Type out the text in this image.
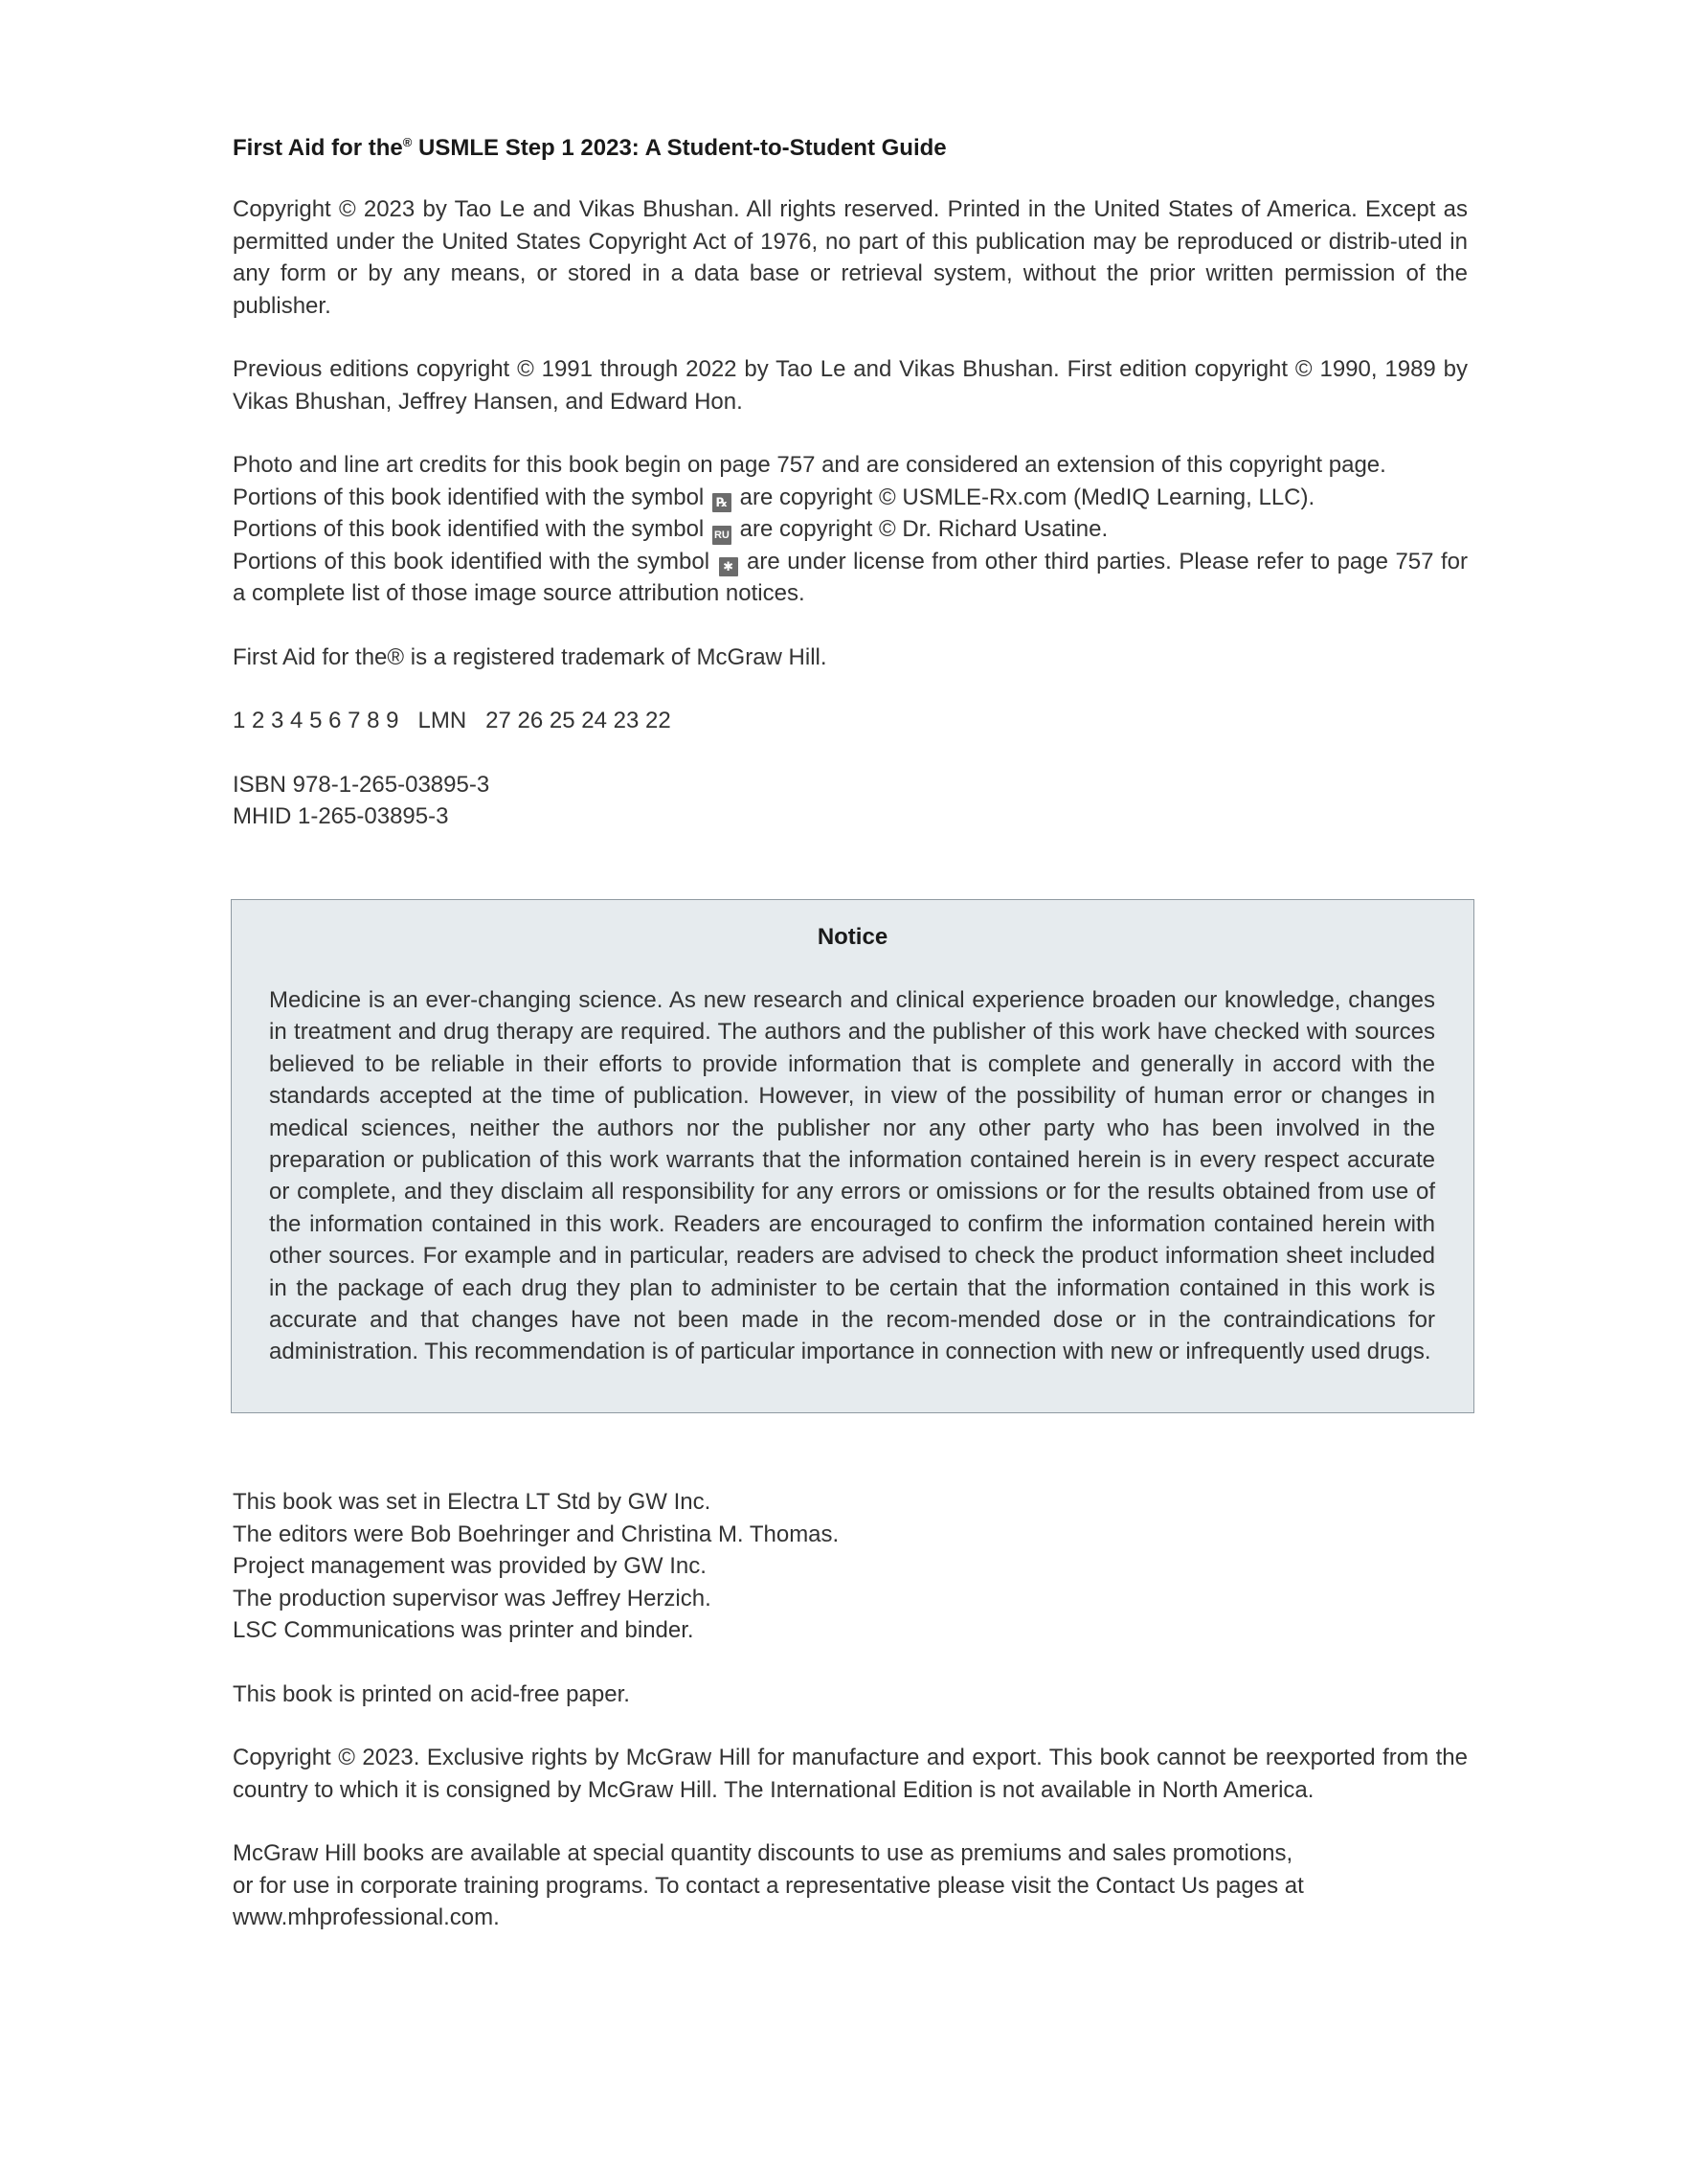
First Aid for the® USMLE Step 1 2023: A Student-to-Student Guide

Copyright © 2023 by Tao Le and Vikas Bhushan. All rights reserved. Printed in the United States of America. Except as permitted under the United States Copyright Act of 1976, no part of this publication may be reproduced or distrib-uted in any form or by any means, or stored in a data base or retrieval system, without the prior written permission of the publisher.

Previous editions copyright © 1991 through 2022 by Tao Le and Vikas Bhushan. First edition copyright © 1990, 1989 by Vikas Bhushan, Jeffrey Hansen, and Edward Hon.

Photo and line art credits for this book begin on page 757 and are considered an extension of this copyright page.
Portions of this book identified with the symbol ℞ are copyright © USMLE-Rx.com (MedIQ Learning, LLC).
Portions of this book identified with the symbol RU are copyright © Dr. Richard Usatine.
Portions of this book identified with the symbol ✱ are under license from other third parties. Please refer to page 757 for a complete list of those image source attribution notices.

First Aid for the® is a registered trademark of McGraw Hill.

1 2 3 4 5 6 7 8 9   LMN   27 26 25 24 23 22

ISBN 978-1-265-03895-3
MHID 1-265-03895-3

Notice
Medicine is an ever-changing science. As new research and clinical experience broaden our knowledge, changes in treatment and drug therapy are required. The authors and the publisher of this work have checked with sources believed to be reliable in their efforts to provide information that is complete and generally in accord with the standards accepted at the time of publication. However, in view of the possibility of human error or changes in medical sciences, neither the authors nor the publisher nor any other party who has been involved in the preparation or publication of this work warrants that the information contained herein is in every respect accurate or complete, and they disclaim all responsibility for any errors or omissions or for the results obtained from use of the information contained in this work. Readers are encouraged to confirm the information contained herein with other sources. For example and in particular, readers are advised to check the product information sheet included in the package of each drug they plan to administer to be certain that the information contained in this work is accurate and that changes have not been made in the recom-mended dose or in the contraindications for administration. This recommendation is of particular importance in connection with new or infrequently used drugs.

This book was set in Electra LT Std by GW Inc.
The editors were Bob Boehringer and Christina M. Thomas.
Project management was provided by GW Inc.
The production supervisor was Jeffrey Herzich.
LSC Communications was printer and binder.

This book is printed on acid-free paper.

Copyright © 2023. Exclusive rights by McGraw Hill for manufacture and export. This book cannot be reexported from the country to which it is consigned by McGraw Hill. The International Edition is not available in North America.

McGraw Hill books are available at special quantity discounts to use as premiums and sales promotions,
or for use in corporate training programs. To contact a representative please visit the Contact Us pages at
www.mhprofessional.com.
